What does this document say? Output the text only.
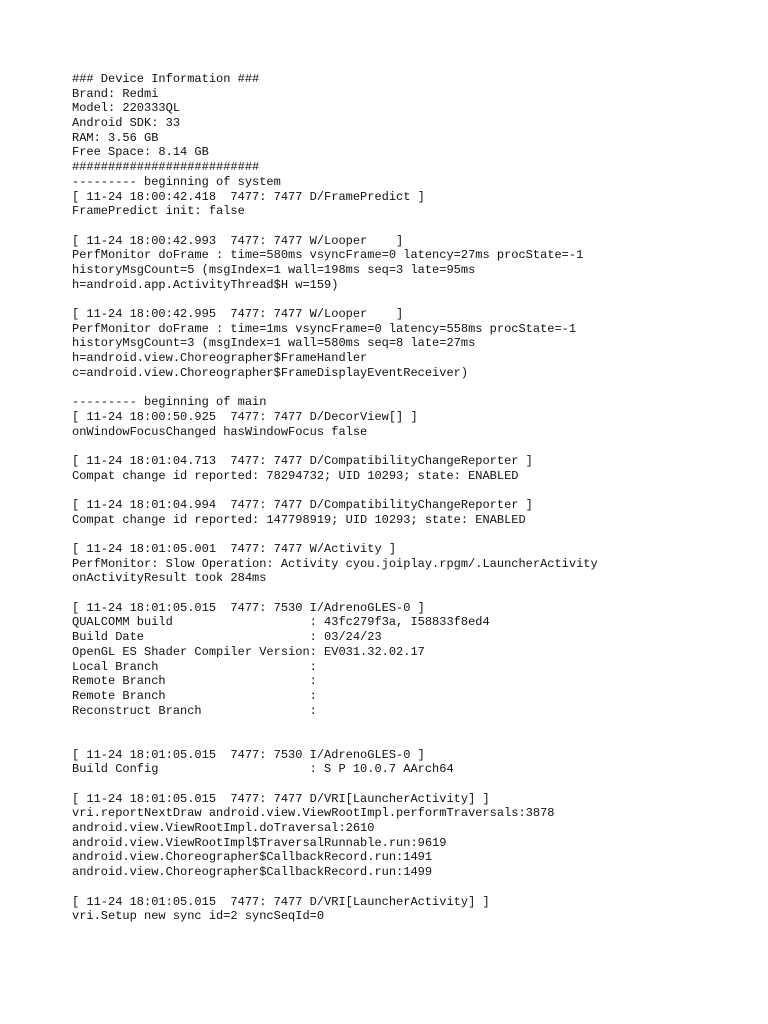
### Device Information ###
Brand: Redmi
Model: 220333QL
Android SDK: 33
RAM: 3.56 GB
Free Space: 8.14 GB
##########################
--------- beginning of system
[ 11-24 18:00:42.418  7477: 7477 D/FramePredict ]
FramePredict init: false

[ 11-24 18:00:42.993  7477: 7477 W/Looper    ]
PerfMonitor doFrame : time=580ms vsyncFrame=0 latency=27ms procState=-1
historyMsgCount=5 (msgIndex=1 wall=198ms seq=3 late=95ms
h=android.app.ActivityThread$H w=159)

[ 11-24 18:00:42.995  7477: 7477 W/Looper    ]
PerfMonitor doFrame : time=1ms vsyncFrame=0 latency=558ms procState=-1
historyMsgCount=3 (msgIndex=1 wall=580ms seq=8 late=27ms
h=android.view.Choreographer$FrameHandler
c=android.view.Choreographer$FrameDisplayEventReceiver)

--------- beginning of main
[ 11-24 18:00:50.925  7477: 7477 D/DecorView[] ]
onWindowFocusChanged hasWindowFocus false

[ 11-24 18:01:04.713  7477: 7477 D/CompatibilityChangeReporter ]
Compat change id reported: 78294732; UID 10293; state: ENABLED

[ 11-24 18:01:04.994  7477: 7477 D/CompatibilityChangeReporter ]
Compat change id reported: 147798919; UID 10293; state: ENABLED

[ 11-24 18:01:05.001  7477: 7477 W/Activity ]
PerfMonitor: Slow Operation: Activity cyou.joiplay.rpgm/.LauncherActivity
onActivityResult took 284ms

[ 11-24 18:01:05.015  7477: 7530 I/AdrenoGLES-0 ]
QUALCOMM build                   : 43fc279f3a, I58833f8ed4
Build Date                       : 03/24/23
OpenGL ES Shader Compiler Version: EV031.32.02.17
Local Branch                     :
Remote Branch                    :
Remote Branch                    :
Reconstruct Branch               :

[ 11-24 18:01:05.015  7477: 7530 I/AdrenoGLES-0 ]
Build Config                     : S P 10.0.7 AArch64

[ 11-24 18:01:05.015  7477: 7477 D/VRI[LauncherActivity] ]
vri.reportNextDraw android.view.ViewRootImpl.performTraversals:3878
android.view.ViewRootImpl.doTraversal:2610
android.view.ViewRootImpl$TraversalRunnable.run:9619
android.view.Choreographer$CallbackRecord.run:1491
android.view.Choreographer$CallbackRecord.run:1499

[ 11-24 18:01:05.015  7477: 7477 D/VRI[LauncherActivity] ]
vri.Setup new sync id=2 syncSeqId=0
